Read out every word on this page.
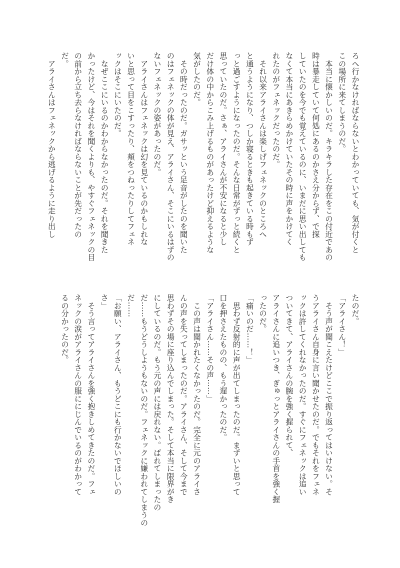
ろへ行かなければならないとわかっていても、気が付くと
この場所に来てしまうのだ。
　本当に懐かしいのだ。キラキラした存在をこの付近であの
時は暴走していて何処にあるのかさえ分からず、で探
していたのを今でも覚えているのに、いまだに思い出しても
なくて本当にあきらめかけていたその時に声をかけてく
れたのがフェネックだったのだ。
　それ以来アライさんは楽しげフェネックのところへ
と通うようになり、つしか寝るときも起きている時もず
っと過ごすようになったのだ。そんな日常がずっと続くと
思っていたのだ。さぁ、アライさんが不安になると少し
だけ体の中からこみ上げるものがあったけど抑えるような
気がしたのだ。
　その時だったのだ。ガサッという足音がしたのを聞いた
のはフェネックの体が見え、アライさん、そこにいるはずの
ないフェネックの姿があったのだ。
　アライさんはフェネックは幻を見ているのかもしれな
いと思って目をこすったり、頬をつねったりしてフェネ
ックはそこにいたのだ。
　なぜここにいるのかわからなかったのだ。それを聞きた
かったけど、今はそれを聞くよりも、やすぐフェネックの目
の前から立ち去らなければならないことが先だったの
だ。
　アライさんはフェネックから逃げるように走り出し
たのだ。
「アライさん！」
　そう声が聞こえたけどここで振り返ってはいけない。そ
うアライさん自身に言い聞かせたのだ。でもそれをフェネ
ックは許してくれなかったのだ。すぐにフェネックは追い
ついてきて、アライさんの腕を強く握られて、
アライさんに追いつき、ぎゅっとアライさんの手首を強く握
ったのだ。
「痛いのだ……！」
　思わず反射的に声が出てしまったのだ。まずいと思って
口を押さえたものの、もう遅かったのだ。
「アライさん……その声……」
　この声は聞かれたくなかったのだ。完全に元のアライさ
んの声を失ってしまったのだ。アライさん、そして今まで
思わずその場に座り込んでしまった。そして本当に限界がき
にしているのだ。もう元の声には戻れない。ばれてしまったの
だ……もうどうしようもないのだ。フェネックに嫌われてしまうの
だ……
「お願い、アライさん、もうどこにも行かないでほしいの
さ」
　そう言ってアライさんを強く抱きしめてきたのだ。フェ
ネックの涙がアライさんの服ににじんでいるのがわかって
るの分かったのだ。
